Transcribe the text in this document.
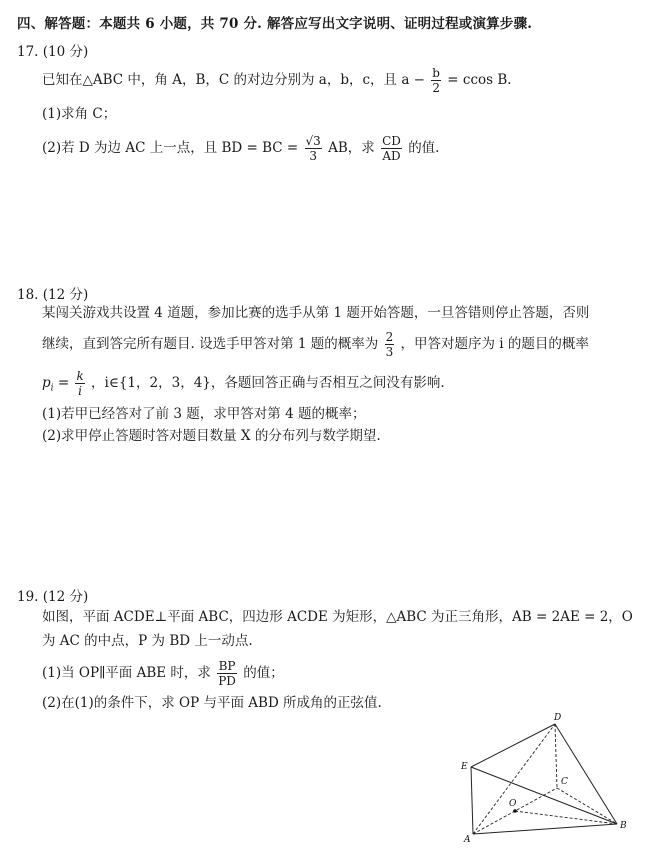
四、解答题：本题共 6 小题，共 70 分. 解答应写出文字说明、证明过程或演算步骤.
17. (10 分)
已知在△ABC 中，角 A，B，C 的对边分别为 a，b，c，且 $a - \frac{b}{2} = ccos$ B.
(1)求角 C；
(2)若 D 为边 AC 上一点，且 BD = BC = $\frac{√3}{3}$ AB，求 $\frac{CD}{AD}$ 的值.
18. (12 分)
某闯关游戏共设置 4 道题，参加比赛的选手从第 1 题开始答题，一旦答错则停止答题，否则
继续，直到答完所有题目. 设选手甲答对第 1 题的概率为 $\frac{2}{3}$ ，甲答对题序为 i 的题目的概率
$p_i = \frac{k}{i}$ ，i∈{1，2，3，4}，各题回答正确与否相互之间没有影响.
(1)若甲已经答对了前 3 题，求甲答对第 4 题的概率；
(2)求甲停止答题时答对题目数量 X 的分布列与数学期望.
19. (12 分)
如图，平面 ACDE⊥平面 ABC，四边形 ACDE 为矩形，△ABC 为正三角形，AB = 2AE = 2，O
为 AC 的中点，P 为 BD 上一动点.
(1)当 OP∥平面 ABE 时，求 $\frac{BP}{PD}$ 的值；
(2)在(1)的条件下，求 OP 与平面 ABD 所成角的正弦值.
D
E
C
O
A
B
